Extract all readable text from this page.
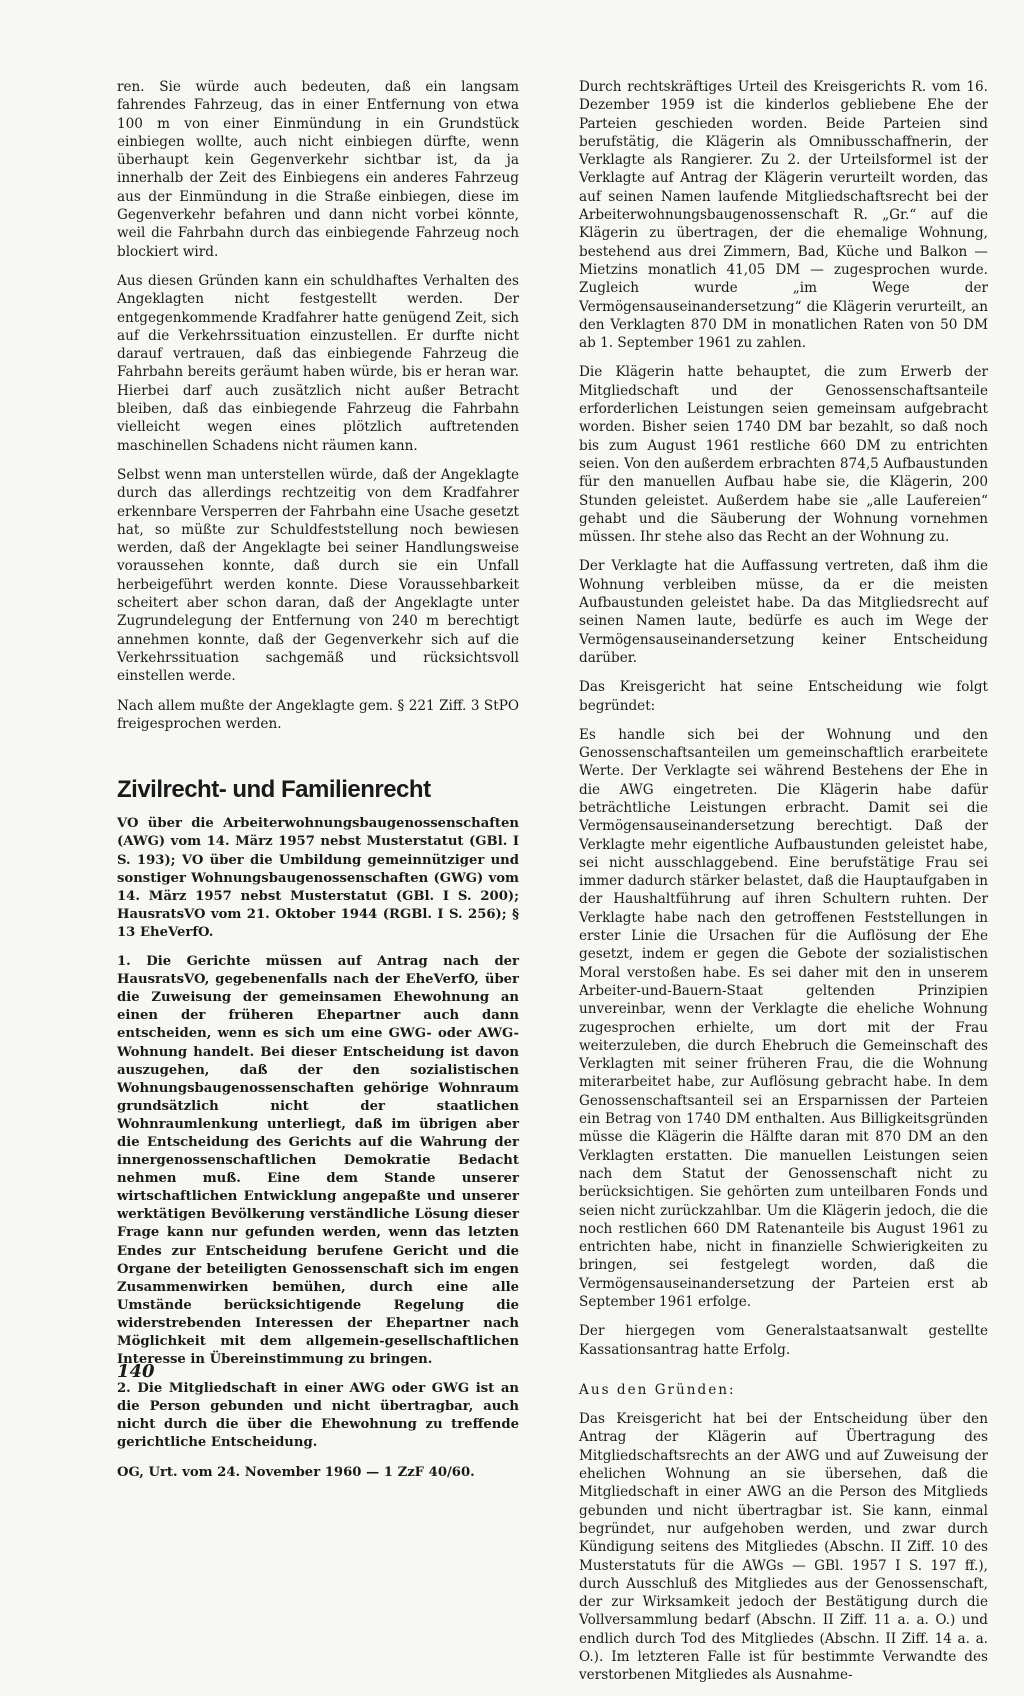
ren. Sie würde auch bedeuten, daß ein langsam fahrendes Fahrzeug, das in einer Entfernung von etwa 100 m von einer Einmündung in ein Grundstück einbiegen wollte, auch nicht einbiegen dürfte, wenn überhaupt kein Gegenverkehr sichtbar ist, da ja innerhalb der Zeit des Einbiegens ein anderes Fahrzeug aus der Einmündung in die Straße einbiegen, diese im Gegenverkehr befahren und dann nicht vorbei könnte, weil die Fahrbahn durch das einbiegende Fahrzeug noch blockiert wird.

Aus diesen Gründen kann ein schuldhaftes Verhalten des Angeklagten nicht festgestellt werden. Der entgegenkommende Kradfahrer hatte genügend Zeit, sich auf die Verkehrssituation einzustellen. Er durfte nicht darauf vertrauen, daß das einbiegende Fahrzeug die Fahrbahn bereits geräumt haben würde, bis er heran war. Hierbei darf auch zusätzlich nicht außer Betracht bleiben, daß das einbiegende Fahrzeug die Fahrbahn vielleicht wegen eines plötzlich auftretenden maschinellen Schadens nicht räumen kann.

Selbst wenn man unterstellen würde, daß der Angeklagte durch das allerdings rechtzeitig von dem Kradfahrer erkennbare Versperren der Fahrbahn eine Usache gesetzt hat, so müßte zur Schuldfeststellung noch bewiesen werden, daß der Angeklagte bei seiner Handlungsweise voraussehen konnte, daß durch sie ein Unfall herbeigeführt werden konnte. Diese Voraussehbarkeit scheitert aber schon daran, daß der Angeklagte unter Zugrundelegung der Entfernung von 240 m berechtigt annehmen konnte, daß der Gegenverkehr sich auf die Verkehrssituation sachgemäß und rücksichtsvoll einstellen werde.

Nach allem mußte der Angeklagte gem. § 221 Ziff. 3 StPO freigesprochen werden.

Zivilrecht- und Familienrecht

VO über die Arbeiterwohnungsbaugenossenschaften (AWG) vom 14. März 1957 nebst Musterstatut (GBl. I S. 193); VO über die Umbildung gemeinnütziger und sonstiger Wohnungsbaugenossenschaften (GWG) vom 14. März 1957 nebst Musterstatut (GBl. I S. 200); HausratsVO vom 21. Oktober 1944 (RGBl. I S. 256); § 13 EheVerfO.

1. Die Gerichte müssen auf Antrag nach der HausratsVO, gegebenenfalls nach der EheVerfO, über die Zuweisung der gemeinsamen Ehewohnung an einen der früheren Ehepartner auch dann entscheiden, wenn es sich um eine GWG- oder AWG-Wohnung handelt. Bei dieser Entscheidung ist davon auszugehen, daß der den sozialistischen Wohnungsbaugenossenschaften gehörige Wohnraum grundsätzlich nicht der staatlichen Wohnraumlenkung unterliegt, daß im übrigen aber die Entscheidung des Gerichts auf die Wahrung der innergenossenschaftlichen Demokratie Bedacht nehmen muß. Eine dem Stande unserer wirtschaftlichen Entwicklung angepaßte und unserer werktätigen Bevölkerung verständliche Lösung dieser Frage kann nur gefunden werden, wenn das letzten Endes zur Entscheidung berufene Gericht und die Organe der beteiligten Genossenschaft sich im engen Zusammenwirken bemühen, durch eine alle Umstände berücksichtigende Regelung die widerstrebenden Interessen der Ehepartner nach Möglichkeit mit dem allgemein-gesellschaftlichen Interesse in Übereinstimmung zu bringen.

2. Die Mitgliedschaft in einer AWG oder GWG ist an die Person gebunden und nicht übertragbar, auch nicht durch die über die Ehewohnung zu treffende gerichtliche Entscheidung.

OG, Urt. vom 24. November 1960 — 1 ZzF 40/60.

Durch rechtskräftiges Urteil des Kreisgerichts R. vom 16. Dezember 1959 ist die kinderlos gebliebene Ehe der Parteien geschieden worden. Beide Parteien sind berufstätig, die Klägerin als Omnibusschaffnerin, der Verklagte als Rangierer. Zu 2. der Urteilsformel ist der Verklagte auf Antrag der Klägerin verurteilt worden, das auf seinen Namen laufende Mitgliedschaftsrecht bei der Arbeiterwohnungsbaugenossenschaft R. „Gr.“ auf die Klägerin zu übertragen, der die ehemalige Wohnung, bestehend aus drei Zimmern, Bad, Küche und Balkon — Mietzins monatlich 41,05 DM — zugesprochen wurde. Zugleich wurde „im Wege der Vermögensauseinandersetzung“ die Klägerin verurteilt, an den Verklagten 870 DM in monatlichen Raten von 50 DM ab 1. September 1961 zu zahlen.

Die Klägerin hatte behauptet, die zum Erwerb der Mitgliedschaft und der Genossenschaftsanteile erforderlichen Leistungen seien gemeinsam aufgebracht worden. Bisher seien 1740 DM bar bezahlt, so daß noch bis zum August 1961 restliche 660 DM zu entrichten seien. Von den außerdem erbrachten 874,5 Aufbaustunden für den manuellen Aufbau habe sie, die Klägerin, 200 Stunden geleistet. Außerdem habe sie „alle Laufereien“ gehabt und die Säuberung der Wohnung vornehmen müssen. Ihr stehe also das Recht an der Wohnung zu.

Der Verklagte hat die Auffassung vertreten, daß ihm die Wohnung verbleiben müsse, da er die meisten Aufbaustunden geleistet habe. Da das Mitgliedsrecht auf seinen Namen laute, bedürfe es auch im Wege der Vermögensauseinandersetzung keiner Entscheidung darüber.

Das Kreisgericht hat seine Entscheidung wie folgt begründet:

Es handle sich bei der Wohnung und den Genossenschaftsanteilen um gemeinschaftlich erarbeitete Werte. Der Verklagte sei während Bestehens der Ehe in die AWG eingetreten. Die Klägerin habe dafür beträchtliche Leistungen erbracht. Damit sei die Vermögensauseinandersetzung berechtigt. Daß der Verklagte mehr eigentliche Aufbaustunden geleistet habe, sei nicht ausschlaggebend. Eine berufstätige Frau sei immer dadurch stärker belastet, daß die Hauptaufgaben in der Haushaltführung auf ihren Schultern ruhten. Der Verklagte habe nach den getroffenen Feststellungen in erster Linie die Ursachen für die Auflösung der Ehe gesetzt, indem er gegen die Gebote der sozialistischen Moral verstoßen habe. Es sei daher mit den in unserem Arbeiter-und-Bauern-Staat geltenden Prinzipien unvereinbar, wenn der Verklagte die eheliche Wohnung zugesprochen erhielte, um dort mit der Frau weiterzuleben, die durch Ehebruch die Gemeinschaft des Verklagten mit seiner früheren Frau, die die Wohnung miterarbeitet habe, zur Auflösung gebracht habe. In dem Genossenschaftsanteil sei an Ersparnissen der Parteien ein Betrag von 1740 DM enthalten. Aus Billigkeitsgründen müsse die Klägerin die Hälfte daran mit 870 DM an den Verklagten erstatten. Die manuellen Leistungen seien nach dem Statut der Genossenschaft nicht zu berücksichtigen. Sie gehörten zum unteilbaren Fonds und seien nicht zurückzahlbar. Um die Klägerin jedoch, die die noch restlichen 660 DM Ratenanteile bis August 1961 zu entrichten habe, nicht in finanzielle Schwierigkeiten zu bringen, sei festgelegt worden, daß die Vermögensauseinandersetzung der Parteien erst ab September 1961 erfolge.

Der hiergegen vom Generalstaatsanwalt gestellte Kassationsantrag hatte Erfolg.

Aus den Gründen:

Das Kreisgericht hat bei der Entscheidung über den Antrag der Klägerin auf Übertragung des Mitgliedschaftsrechts an der AWG und auf Zuweisung der ehelichen Wohnung an sie übersehen, daß die Mitgliedschaft in einer AWG an die Person des Mitglieds gebunden und nicht übertragbar ist. Sie kann, einmal begründet, nur aufgehoben werden, und zwar durch Kündigung seitens des Mitgliedes (Abschn. II Ziff. 10 des Musterstatuts für die AWGs — GBl. 1957 I S. 197 ff.), durch Ausschluß des Mitgliedes aus der Genossenschaft, der zur Wirksamkeit jedoch der Bestätigung durch die Vollversammlung bedarf (Abschn. II Ziff. 11 a. a. O.) und endlich durch Tod des Mitgliedes (Abschn. II Ziff. 14 a. a. O.). Im letzteren Falle ist für bestimmte Verwandte des verstorbenen Mitgliedes als Ausnahme-

140
